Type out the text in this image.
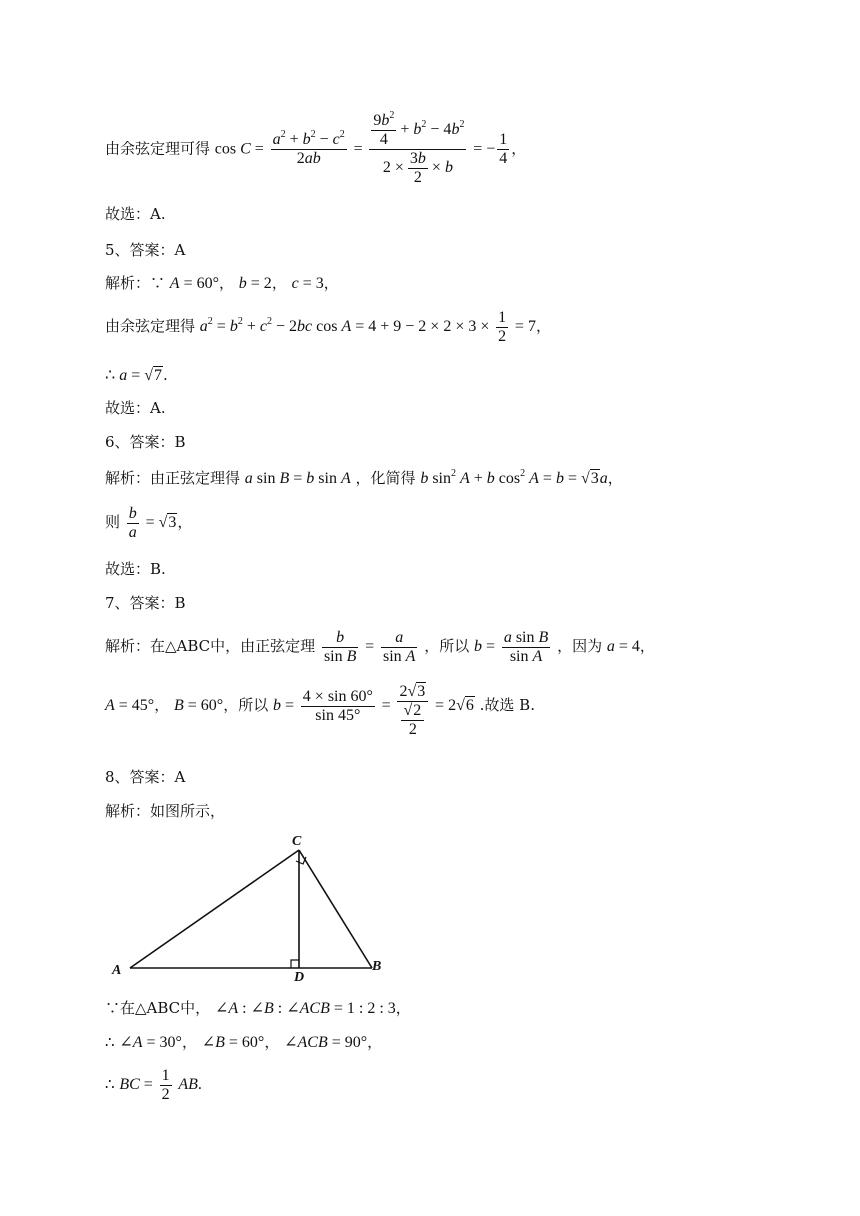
由余弦定理可得 $\cos C = \frac{a^2 + b^2 - c^2}{2ab} = \frac{\frac{9b^2}{4} + b^2 - 4b^2}{2 \times \frac{3b}{2} \times b}$ = − $\frac{1}{4}$ ，
故选：A.
5、答案：A
解析：∵ A = 60°， b = 2， c = 3，
由余弦定理得 $a^2 = b^2 + c^2 - 2bc$ $\cos A = 4 + 9 - 2 \times 2 \times 3 \times \frac{1}{2} = 7$，
∴ a = √7.
故选：A.
6、答案：B
解析：由正弦定理得 a sin B = b sin A ，化简得 b $\sin^2 A + b$ $\cos^2 A = b = √3a$，
则 $\frac{b}{a} = √3$，
故选：B.
7、答案：B
解析：在△ABC中，由正弦定理 $\frac{b}{\text{sin B}} = \frac{a}{\text{sin A}}$ ，所以 $b = \frac{\text{a sin B}}{\text{sin A}}$ ，因为 a = 4，
A = 45°， B = 60°，所以 $b = \frac{4 \times \sin 60^\circ}{\sin 45^\circ} = \frac{2√3}{\frac{√2}{2}} = 2√6$ .故选 B.
8、答案：A
解析：如图所示，
A	B
C
D
∵在△ABC中， ∠A : ∠B : ∠ACB = 1 : 2 : 3，
∴ ∠A = 30°， ∠B = 60°， ∠ACB = 90°，
∴ BC = $\frac{1}{2}$ AB.
